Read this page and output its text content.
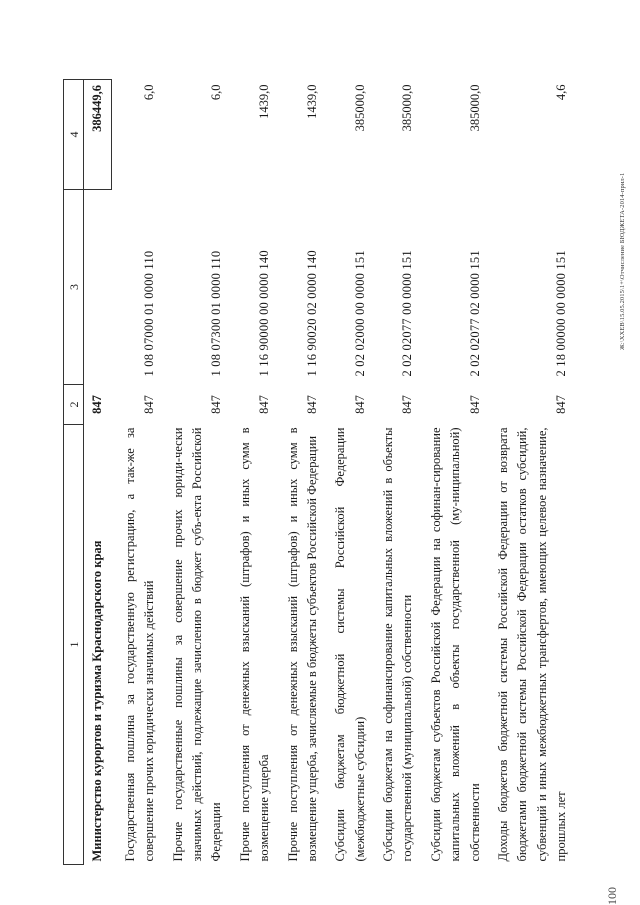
1	2	3	4
Министерство курортов и туризма Краснодарского края	847		386449,6
Государственная пошлина за государственную регистрацию, а так-же за совершение прочих юридически значимых действий	847	1 08 07000 01 0000 110	6,0
Прочие государственные пошлины за совершение прочих юриди-чески значимых действий, подлежащие зачислению в бюджет субъ-екта Российской Федерации	847	1 08 07300 01 0000 110	6,0
Прочие поступления от денежных взысканий (штрафов) и иных сумм в возмещение ущерба	847	1 16 90000 00 0000 140	1439,0
Прочие поступления от денежных взысканий (штрафов) и иных сумм в возмещение ущерба, зачисляемые в бюджеты субъектов Российской Федерации	847	1 16 90020 02 0000 140	1439,0
Субсидии бюджетам бюджетной системы Российской Федерации (межбюджетные субсидии)	847	2 02 02000 00 0000 151	385000,0
Субсидии бюджетам на софинансирование капитальных вложений в объекты государственной (муниципальной) собственности	847	2 02 02077 00 0000 151	385000,0
Субсидии бюджетам субъектов Российской Федерации на софинан-сирование капитальных вложений в объекты государственной (му-ниципальной) собственности	847	2 02 02077 02 0000 151	385000,0
Доходы бюджетов бюджетной системы Российской Федерации от возврата бюджетами бюджетной системы Российской Федерации остатков субсидий, субвенций и иных межбюджетных трансфертов, имеющих целевое назначение, прошлых лет	847	2 18 00000 00 0000 151	4,6
Ж:\ХХЕВ\15.05.2015\1+\Отчисление БЮДЖЕТА-2014-прил-1
100
